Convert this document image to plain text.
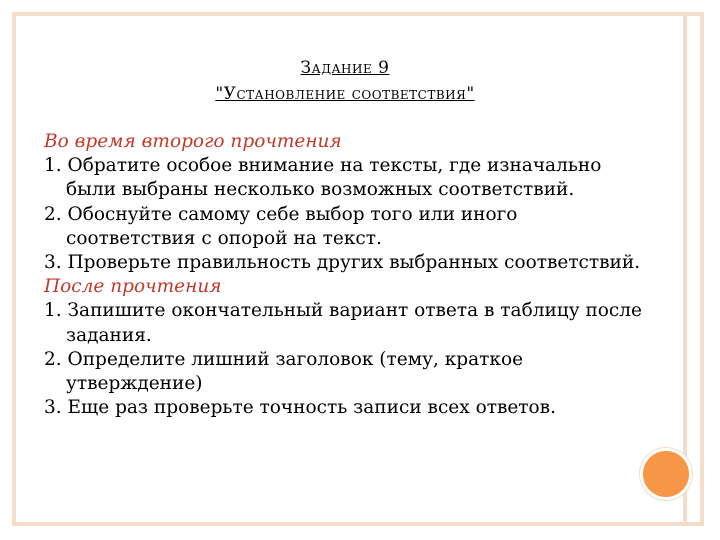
Задание 9
"Установление соответствия"
Во время второго прочтения
1. Обратите особое внимание на тексты, где изначально были выбраны несколько возможных соответствий.
2. Обоснуйте самому себе выбор того или иного соответствия с опорой на текст.
3. Проверьте правильность других выбранных соответствий.
После прочтения
1. Запишите окончательный вариант ответа в таблицу после задания.
2. Определите лишний заголовок (тему, краткое утверждение)
3. Еще раз проверьте точность записи всех ответов.
